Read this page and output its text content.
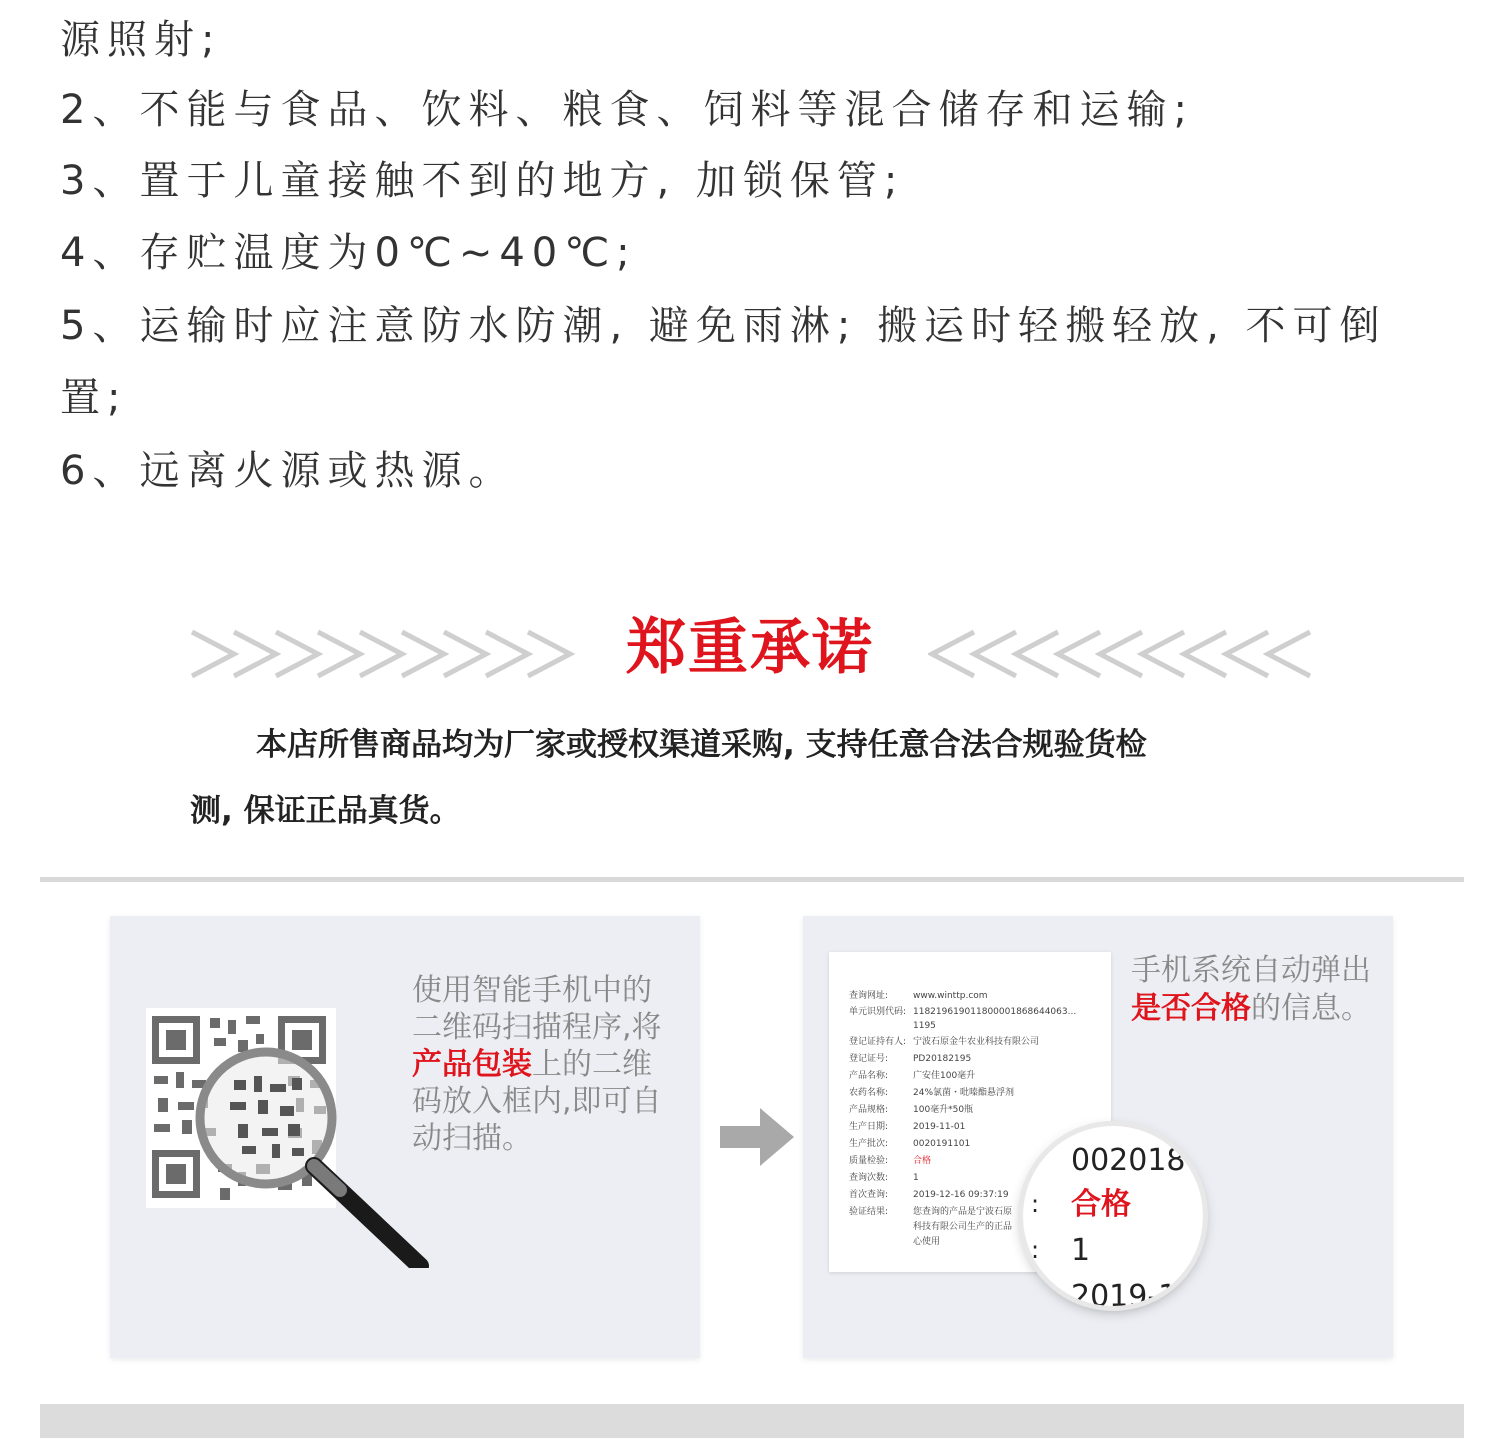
源照射;
2、不能与食品、饮料、粮食、饲料等混合储存和运输;
3、置于儿童接触不到的地方, 加锁保管;
4、存贮温度为0℃~40℃;
5、运输时应注意防水防潮, 避免雨淋; 搬运时轻搬轻放, 不可倒
置;
6、远离火源或热源。
郑重承诺
本店所售商品均为厂家或授权渠道采购, 支持任意合法合规验货检
测, 保证正品真货。
使用智能手机中的二维码扫描程序,将产品包装上的二维码放入框内,即可自动扫描。
查询网址:	www.winttp.com
单元识别代码: 118219619011800001868644063...
1195
登记证持有人: 宁波石原金牛农业科技有限公司
登记证号:	PD20182195
产品名称:	广安佳100毫升
农药名称:	24%氯菌・吡嗪酯悬浮剂
产品规格:	100毫升*50瓶
生产日期:	2019-11-01
生产批次:	0020191101
质量检验:	合格
查询次数:	1
首次查询:	2019-12-16 09:37:19
验证结果:	您查询的产品是宁波石原
科技有限公司生产的正品
心使用
手机系统自动弹出
是否合格的信息。
002018
: 合格
: 1
2019-1
